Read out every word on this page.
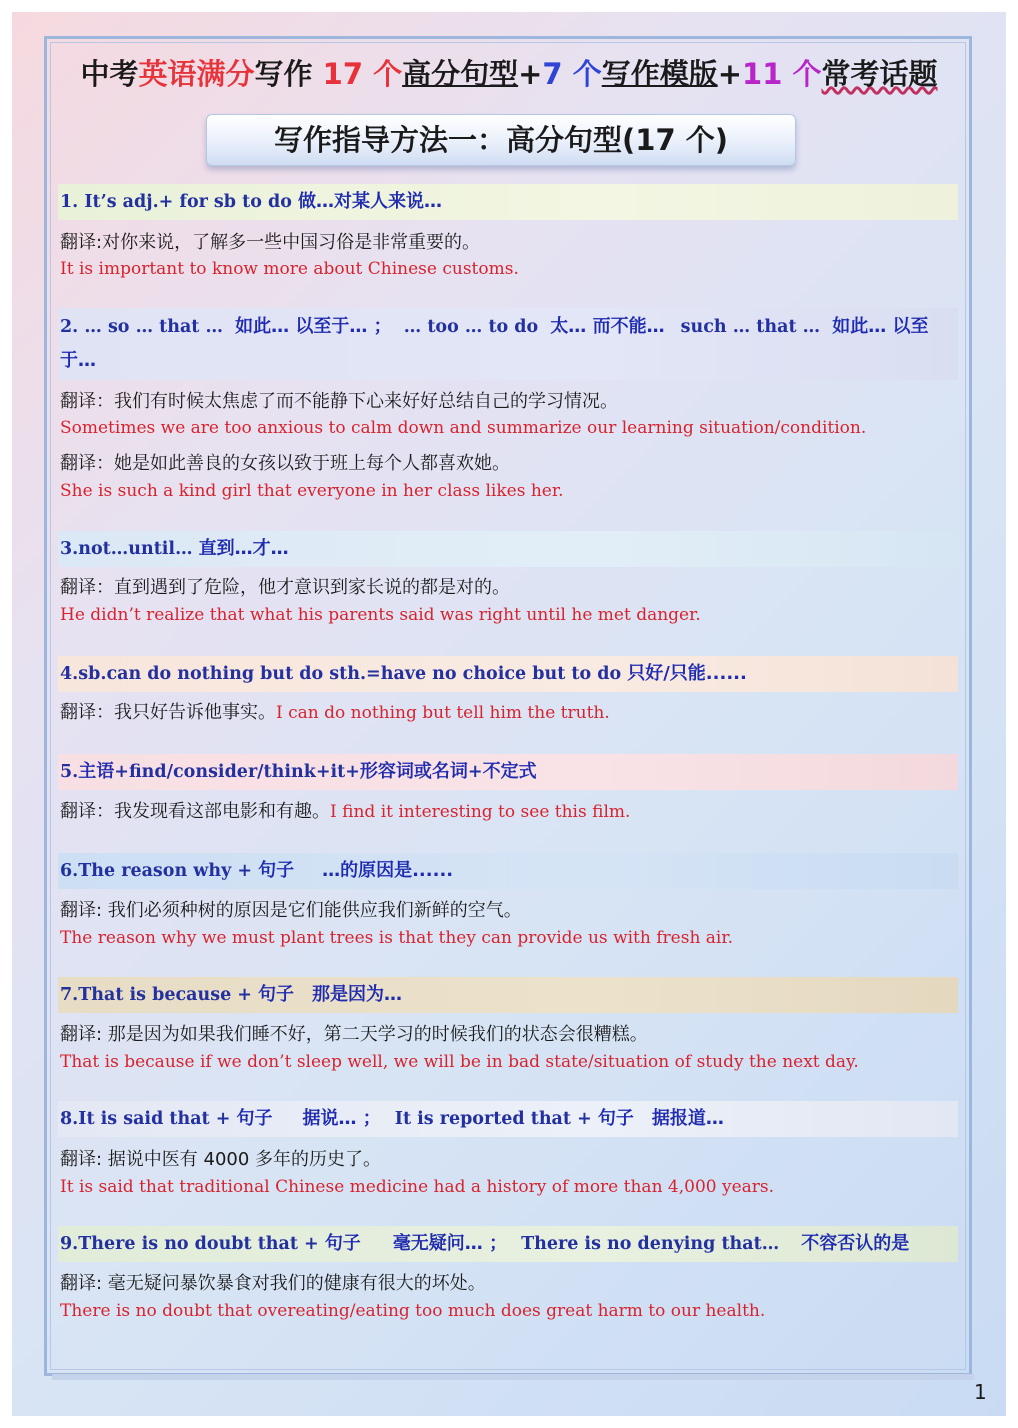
中考英语满分写作 17 个高分句型+7 个写作模版+11 个常考话题
写作指导方法一：高分句型(17 个)
1. It’s adj.+ for sb to do 做…对某人来说…
翻译:对你来说，了解多一些中国习俗是非常重要的。
It is important to know more about Chinese customs.
2. … so … that … 如此… 以至于… ； … too … to do 太… 而不能… such … that … 如此… 以至
于…
翻译：我们有时候太焦虑了而不能静下心来好好总结自己的学习情况。
Sometimes we are too anxious to calm down and summarize our learning situation/condition.
翻译：她是如此善良的女孩以致于班上每个人都喜欢她。
She is such a kind girl that everyone in her class likes her.
3.not…until… 直到…才…
翻译：直到遇到了危险，他才意识到家长说的都是对的。
He didn’t realize that what his parents said was right until he met danger.
4.sb.can do nothing but do sth.=have no choice but to do 只好/只能......
翻译：我只好告诉他事实。I can do nothing but tell him the truth.
5.主语+find/consider/think+it+形容词或名词+不定式
翻译：我发现看这部电影和有趣。I find it interesting to see this film.
6.The reason why + 句子 …的原因是......
翻译: 我们必须种树的原因是它们能供应我们新鲜的空气。
The reason why we must plant trees is that they can provide us with fresh air.
7.That is because + 句子 那是因为…
翻译: 那是因为如果我们睡不好，第二天学习的时候我们的状态会很糟糕。
That is because if we don’t sleep well, we will be in bad state/situation of study the next day.
8.It is said that + 句子 据说… ； It is reported that + 句子 据报道…
翻译: 据说中医有 4000 多年的历史了。
It is said that traditional Chinese medicine had a history of more than 4,000 years.
9.There is no doubt that + 句子 毫无疑问… ； There is no denying that… 不容否认的是
翻译: 毫无疑问暴饮暴食对我们的健康有很大的坏处。
There is no doubt that overeating/eating too much does great harm to our health.
1
